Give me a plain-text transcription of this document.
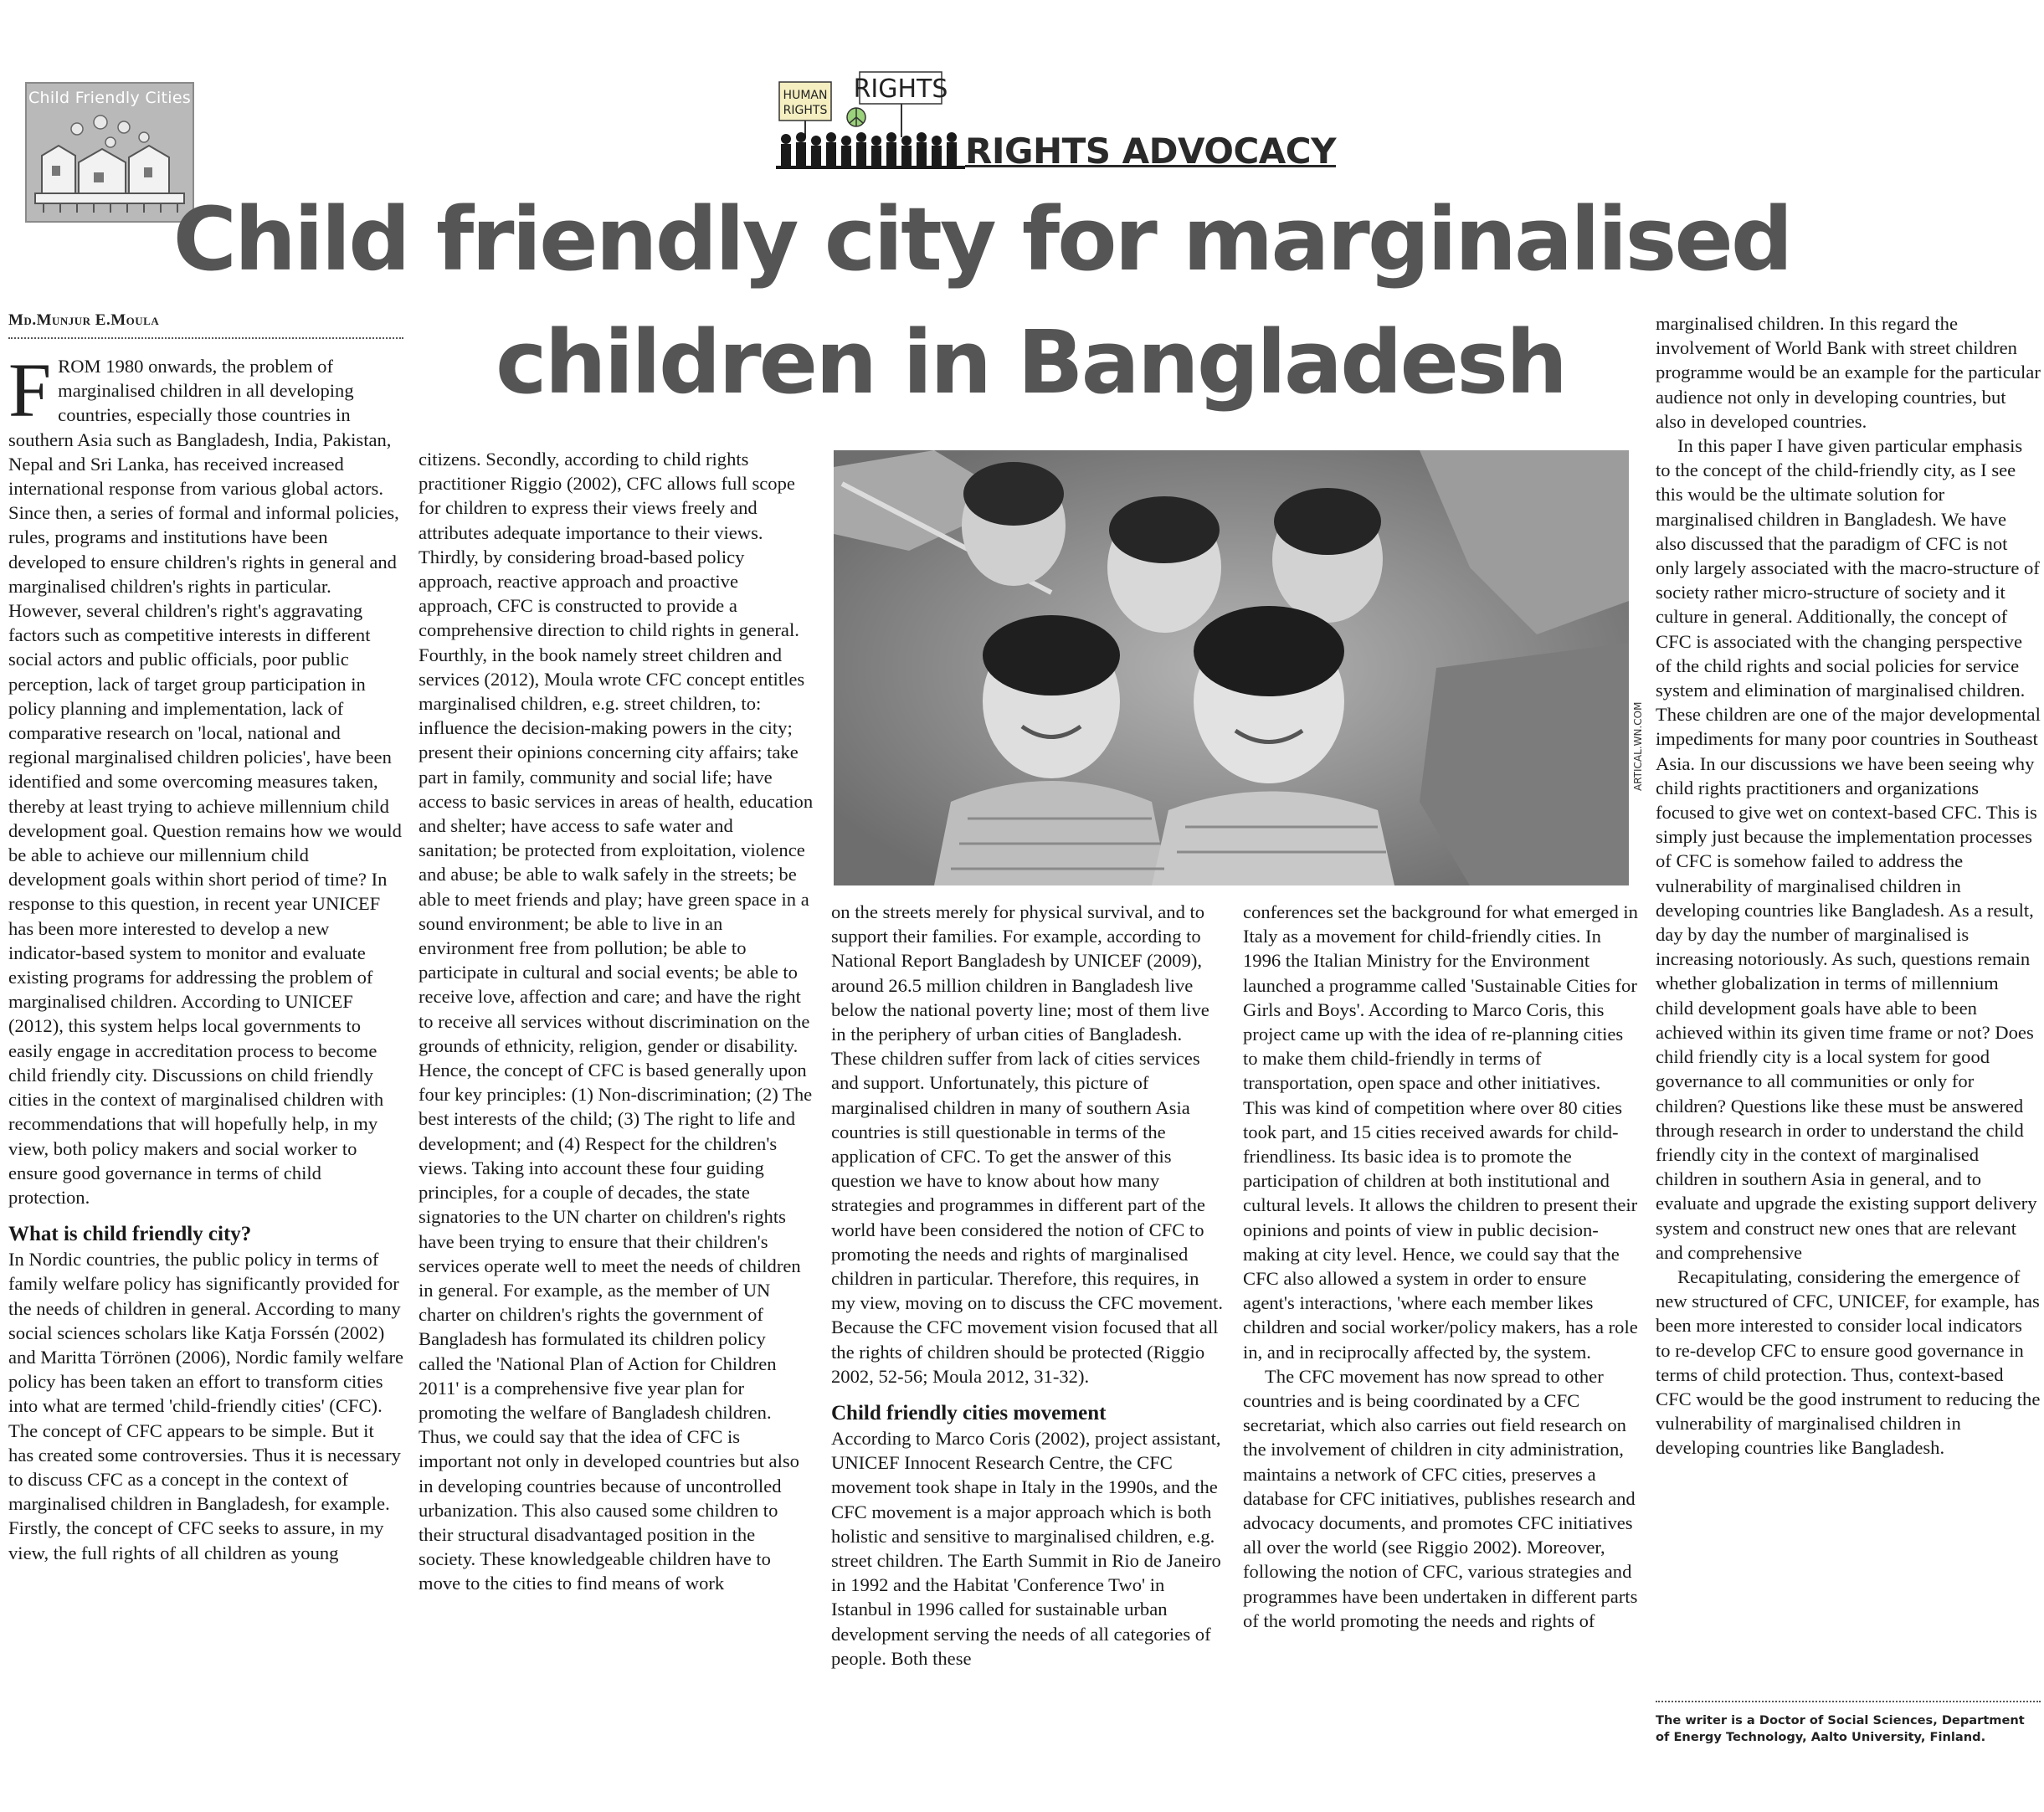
Child Friendly Cities	HUMAN
RIGHTS
RIGHTS
RIGHTS ADVOCACY
Child friendly city for marginalised
children in Bangladesh
Md.Munjur E.Moula

FROM 1980 onwards, the problem of marginalised children in all developing countries, especially those countries in southern Asia such as Bangladesh, India, Pakistan, Nepal and Sri Lanka, has received increased international response from various global actors. Since then, a series of formal and informal policies, rules, programs and institutions have been developed to ensure children's rights in general and marginalised children's rights in particular. However, several children's right's aggravating factors such as competitive interests in different social actors and public officials, poor public perception, lack of target group participation in policy planning and implementation, lack of comparative research on 'local, national and regional marginalised children policies', have been identified and some overcoming measures taken, thereby at least trying to achieve millennium child development goal. Question remains how we would be able to achieve our millennium child development goals within short period of time? In response to this question, in recent year UNICEF has been more interested to develop a new indicator-based system to monitor and evaluate existing programs for addressing the problem of marginalised children. According to UNICEF (2012), this system helps local governments to easily engage in accreditation process to become child friendly city. Discussions on child friendly cities in the context of marginalised children with recommendations that will hopefully help, in my view, both policy makers and social worker to ensure good governance in terms of child protection.

What is child friendly city?

In Nordic countries, the public policy in terms of family welfare policy has significantly provided for the needs of children in general. According to many social sciences scholars like Katja Forssén (2002) and Maritta Törrönen (2006), Nordic family welfare policy has been taken an effort to transform cities into what are termed 'child-friendly cities' (CFC). The concept of CFC appears to be simple. But it has created some controversies. Thus it is necessary to discuss CFC as a concept in the context of marginalised children in Bangladesh, for example. Firstly, the concept of CFC seeks to assure, in my view, the full rights of all children as young

citizens. Secondly, according to child rights practitioner Riggio (2002), CFC allows full scope for children to express their views freely and attributes adequate importance to their views. Thirdly, by considering broad-based policy approach, reactive approach and proactive approach, CFC is constructed to provide a comprehensive direction to child rights in general. Fourthly, in the book namely street children and services (2012), Moula wrote CFC concept entitles marginalised children, e.g. street children, to: influence the decision-making powers in the city; present their opinions concerning city affairs; take part in family, community and social life; have access to basic services in areas of health, education and shelter; have access to safe water and sanitation; be protected from exploitation, violence and abuse; be able to walk safely in the streets; be able to meet friends and play; have green space in a sound environment; be able to live in an environment free from pollution; be able to participate in cultural and social events; be able to receive love, affection and care; and have the right to receive all services without discrimination on the grounds of ethnicity, religion, gender or disability. Hence, the concept of CFC is based generally upon four key principles: (1) Non-discrimination; (2) The best interests of the child; (3) The right to life and development; and (4) Respect for the children's views. Taking into account these four guiding principles, for a couple of decades, the state signatories to the UN charter on children's rights have been trying to ensure that their children's services operate well to meet the needs of children in general. For example, as the member of UN charter on children's rights the government of Bangladesh has formulated its children policy called the 'National Plan of Action for Children 2011' is a comprehensive five year plan for promoting the welfare of Bangladesh children. Thus, we could say that the idea of CFC is important not only in developed countries but also in developing countries because of uncontrolled urbanization. This also caused some children to their structural disadvantaged position in the society. These knowledgeable children have to move to the cities to find means of work

ARTICAL.WN.COM

on the streets merely for physical survival, and to support their families. For example, according to National Report Bangladesh by UNICEF (2009), around 26.5 million children in Bangladesh live below the national poverty line; most of them live in the periphery of urban cities of Bangladesh. These children suffer from lack of cities services and support. Unfortunately, this picture of marginalised children in many of southern Asia countries is still questionable in terms of the application of CFC. To get the answer of this question we have to know about how many strategies and programmes in different part of the world have been considered the notion of CFC to promoting the needs and rights of marginalised children in particular. Therefore, this requires, in my view, moving on to discuss the CFC movement. Because the CFC movement vision focused that all the rights of children should be protected (Riggio 2002, 52-56; Moula 2012, 31-32).

Child friendly cities movement

According to Marco Coris (2002), project assistant, UNICEF Innocent Research Centre, the CFC movement took shape in Italy in the 1990s, and the CFC movement is a major approach which is both holistic and sensitive to marginalised children, e.g. street children. The Earth Summit in Rio de Janeiro in 1992 and the Habitat 'Conference Two' in Istanbul in 1996 called for sustainable urban development serving the needs of all categories of people. Both these

conferences set the background for what emerged in Italy as a movement for child-friendly cities. In 1996 the Italian Ministry for the Environment launched a programme called 'Sustainable Cities for Girls and Boys'. According to Marco Coris, this project came up with the idea of re-planning cities to make them child-friendly in terms of transportation, open space and other initiatives. This was kind of competition where over 80 cities took part, and 15 cities received awards for child-friendliness. Its basic idea is to promote the participation of children at both institutional and cultural levels. It allows the children to present their opinions and points of view in public decision-making at city level. Hence, we could say that the CFC also allowed a system in order to ensure agent's interactions, 'where each member likes children and social worker/policy makers, has a role in, and in reciprocally affected by, the system.

The CFC movement has now spread to other countries and is being coordinated by a CFC secretariat, which also carries out field research on the involvement of children in city administration, maintains a network of CFC cities, preserves a database for CFC initiatives, publishes research and advocacy documents, and promotes CFC initiatives all over the world (see Riggio 2002). Moreover, following the notion of CFC, various strategies and programmes have been undertaken in different parts of the world promoting the needs and rights of

marginalised children. In this regard the involvement of World Bank with street children programme would be an example for the particular audience not only in developing countries, but also in developed countries.

In this paper I have given particular emphasis to the concept of the child-friendly city, as I see this would be the ultimate solution for marginalised children in Bangladesh. We have also discussed that the paradigm of CFC is not only largely associated with the macro-structure of society rather micro-structure of society and it culture in general. Additionally, the concept of CFC is associated with the changing perspective of the child rights and social policies for service system and elimination of marginalised children. These children are one of the major developmental impediments for many poor countries in Southeast Asia. In our discussions we have been seeing why child rights practitioners and organizations focused to give wet on context-based CFC. This is simply just because the implementation processes of CFC is somehow failed to address the vulnerability of marginalised children in developing countries like Bangladesh. As a result, day by day the number of marginalised is increasing notoriously. As such, questions remain whether globalization in terms of millennium child development goals have able to been achieved within its given time frame or not? Does child friendly city is a local system for good governance to all communities or only for children? Questions like these must be answered through research in order to understand the child friendly city in the context of marginalised children in southern Asia in general, and to evaluate and upgrade the existing support delivery system and construct new ones that are relevant and comprehensive

Recapitulating, considering the emergence of new structured of CFC, UNICEF, for example, has been more interested to consider local indicators to re-develop CFC to ensure good governance in terms of child protection. Thus, context-based CFC would be the good instrument to reducing the vulnerability of marginalised children in developing countries like Bangladesh.

The writer is a Doctor of Social Sciences, Department of Energy Technology, Aalto University, Finland.
